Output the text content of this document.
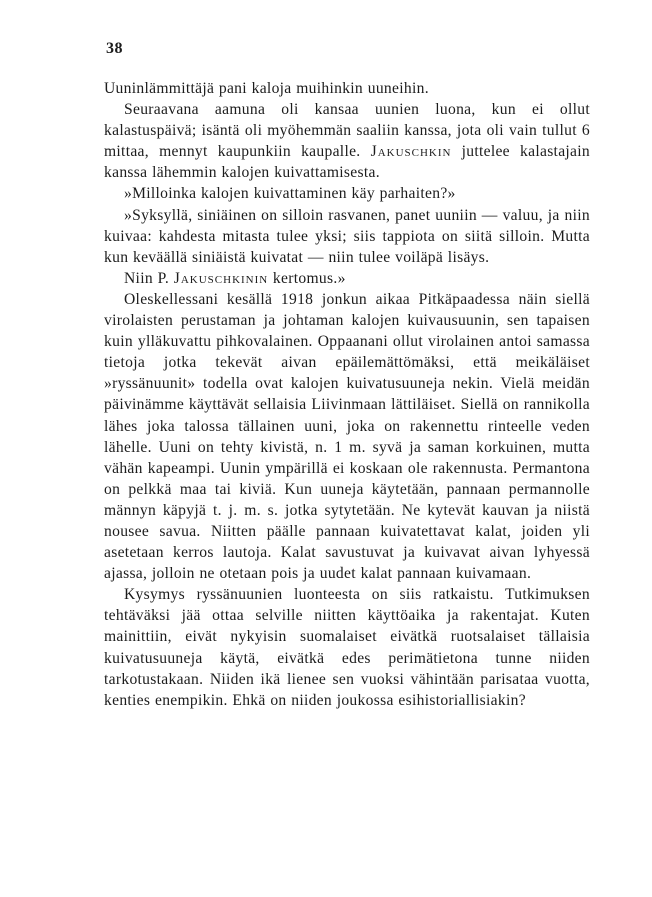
38

Uuninlämmittäjä pani kaloja muihinkin uuneihin.

Seuraavana aamuna oli kansaa uunien luona, kun ei ollut kalastuspäivä; isäntä oli myöhemmän saaliin kanssa, jota oli vain tullut 6 mittaa, mennyt kaupunkiin kaupalle. Jakuschkin juttelee kalastajain kanssa lähemmin kalojen kuivattamisesta.

»Milloinka kalojen kuivattaminen käy parhaiten?»

»Syksyllä, siniäinen on silloin rasvanen, panet uuniin — valuu, ja niin kuivaa: kahdesta mitasta tulee yksi; siis tappiota on siitä silloin. Mutta kun keväällä siniäistä kuivatat — niin tulee voiläpä lisäys.

Niin P. Jakuschkinin kertomus.»

Oleskellessani kesällä 1918 jonkun aikaa Pitkäpaadessa näin siellä virolaisten perustaman ja johtaman kalojen kuivausuunin, sen tapaisen kuin ylläkuvattu pihkovalainen. Oppaanani ollut virolainen antoi samassa tietoja jotka tekevät aivan epäilemättömäksi, että meikäläiset »ryssänuunit» todella ovat kalojen kuivatusuuneja nekin. Vielä meidän päivinämme käyttävät sellaisia Liivinmaan lättiläiset. Siellä on rannikolla lähes joka talossa tällainen uuni, joka on rakennettu rinteelle veden lähelle. Uuni on tehty kivistä, n. 1 m. syvä ja saman korkuinen, mutta vähän kapeampi. Uunin ympärillä ei koskaan ole rakennusta. Permantona on pelkkä maa tai kiviä. Kun uuneja käytetään, pannaan permannolle männyn käpyjä t. j. m. s. jotka sytytetään. Ne kytevät kauvan ja niistä nousee savua. Niitten päälle pannaan kuivatettavat kalat, joiden yli asetetaan kerros lautoja. Kalat savustuvat ja kuivavat aivan lyhyessä ajassa, jolloin ne otetaan pois ja uudet kalat pannaan kuivamaan.

Kysymys ryssänuunien luonteesta on siis ratkaistu. Tutkimuksen tehtäväksi jää ottaa selville niitten käyttöaika ja rakentajat. Kuten mainittiin, eivät nykyisin suomalaiset eivätkä ruotsalaiset tällaisia kuivatusuuneja käytä, eivätkä edes perimätietona tunne niiden tarkotustakaan. Niiden ikä lienee sen vuoksi vähintään parisataa vuotta, kenties enempikin. Ehkä on niiden joukossa esihistoriallisiakin?
